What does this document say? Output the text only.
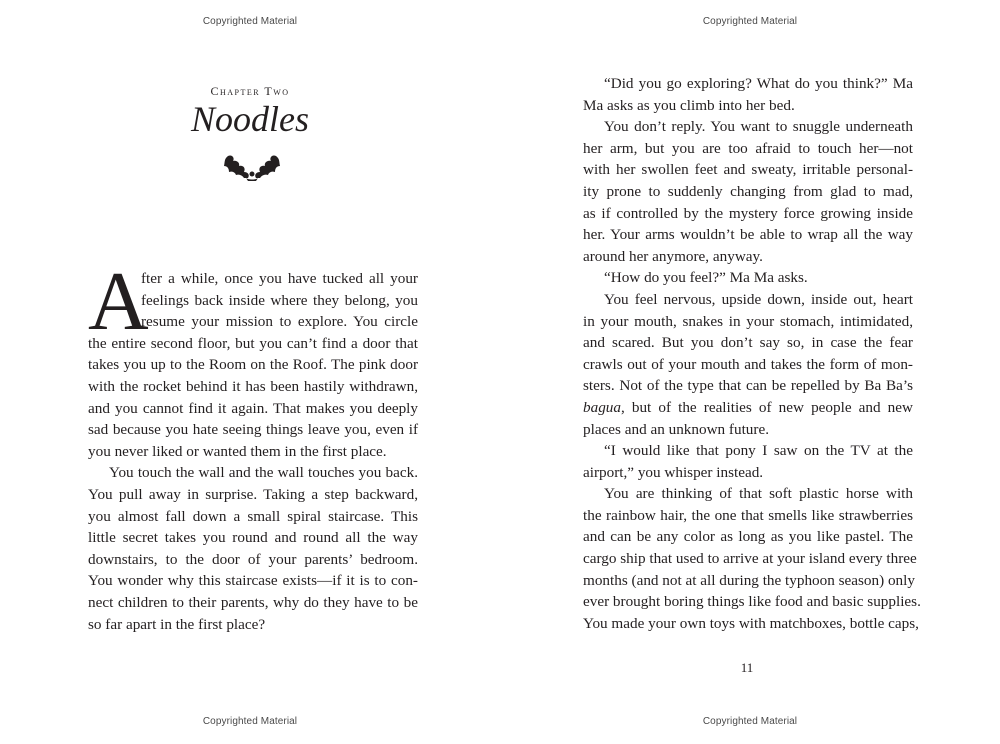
Copyrighted Material
Chapter Two
Noodles
A
fter a while, once you have tucked all your
feelings back inside where they belong, you
resume your mission to explore. You circle
the entire second floor, but you can’t find a door that
takes you up to the Room on the Roof. The pink door
with the rocket behind it has been hastily withdrawn,
and you cannot find it again. That makes you deeply
sad because you hate seeing things leave you, even if
you never liked or wanted them in the first place.
You touch the wall and the wall touches you back.
You pull away in surprise. Taking a step backward,
you almost fall down a small spiral staircase. This
little secret takes you round and round all the way
downstairs, to the door of your parents’ bedroom.
You wonder why this staircase exists—if it is to con-
nect children to their parents, why do they have to be
so far apart in the first place?
Copyrighted Material
Copyrighted Material
“Did you go exploring? What do you think?” Ma
Ma asks as you climb into her bed.
You don’t reply. You want to snuggle underneath
her arm, but you are too afraid to touch her—not
with her swollen feet and sweaty, irritable personal-
ity prone to suddenly changing from glad to mad,
as if controlled by the mystery force growing inside
her. Your arms wouldn’t be able to wrap all the way
around her anymore, anyway.
“How do you feel?” Ma Ma asks.
You feel nervous, upside down, inside out, heart
in your mouth, snakes in your stomach, intimidated,
and scared. But you don’t say so, in case the fear
crawls out of your mouth and takes the form of mon-
sters. Not of the type that can be repelled by Ba Ba’s
bagua, but of the realities of new people and new
places and an unknown future.
“I would like that pony I saw on the TV at the
airport,” you whisper instead.
You are thinking of that soft plastic horse with
the rainbow hair, the one that smells like strawberries
and can be any color as long as you like pastel. The
cargo ship that used to arrive at your island every three
months (and not at all during the typhoon season) only
ever brought boring things like food and basic supplies.
You made your own toys with matchboxes, bottle caps,
11
Copyrighted Material
